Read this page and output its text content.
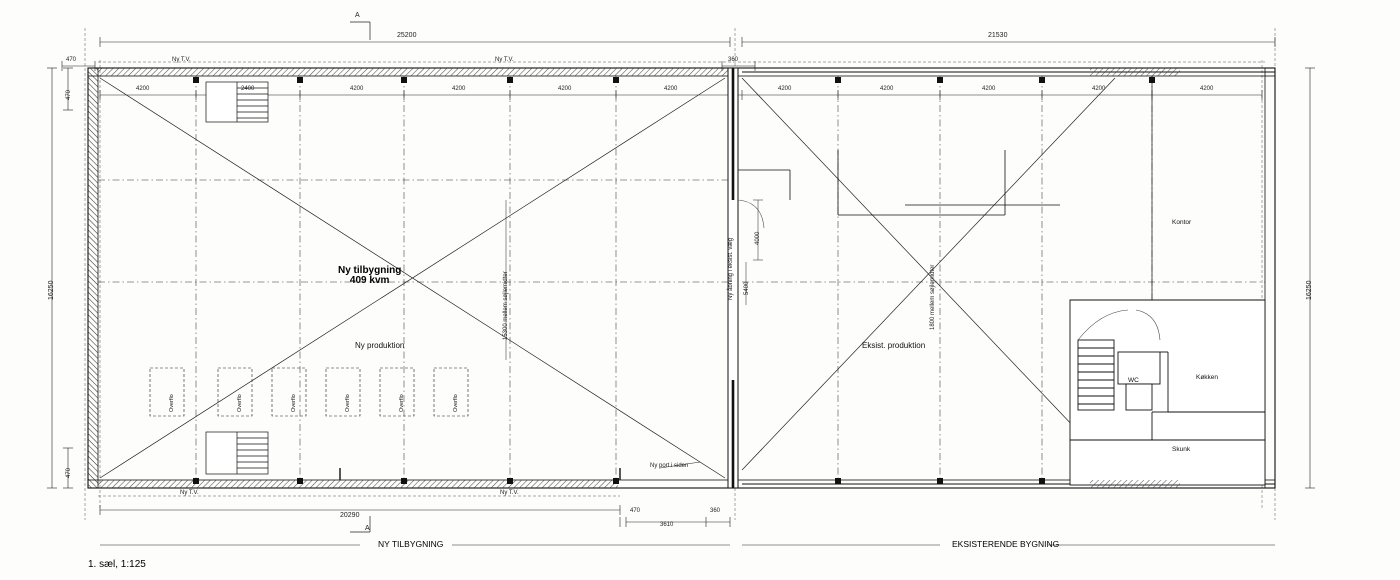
25200	21530
470	360
Ny T.V.	Ny T.V.
4200	2400	4200	4200	4200	4200	4200	4200	4200	4200	4200
16250
470
470
16250
15300 mellem søjlemidter
4000
5400
Ny åbning i eksist. væg	1800 mellem søjlemidter
Ny tilbygning
409 kvm
Ny produktion	Eksist. produktion
Kontor
Køkken
WC
Skunk
Overflo	Overflo	Overflo	Overflo	Overflo	Overflo
A
A
Ny port i siden
Ny T.V.	Ny T.V.
20290
470
3610
360
NY TILBYGNING	EKSISTERENDE BYGNING
1. sæl, 1:125
